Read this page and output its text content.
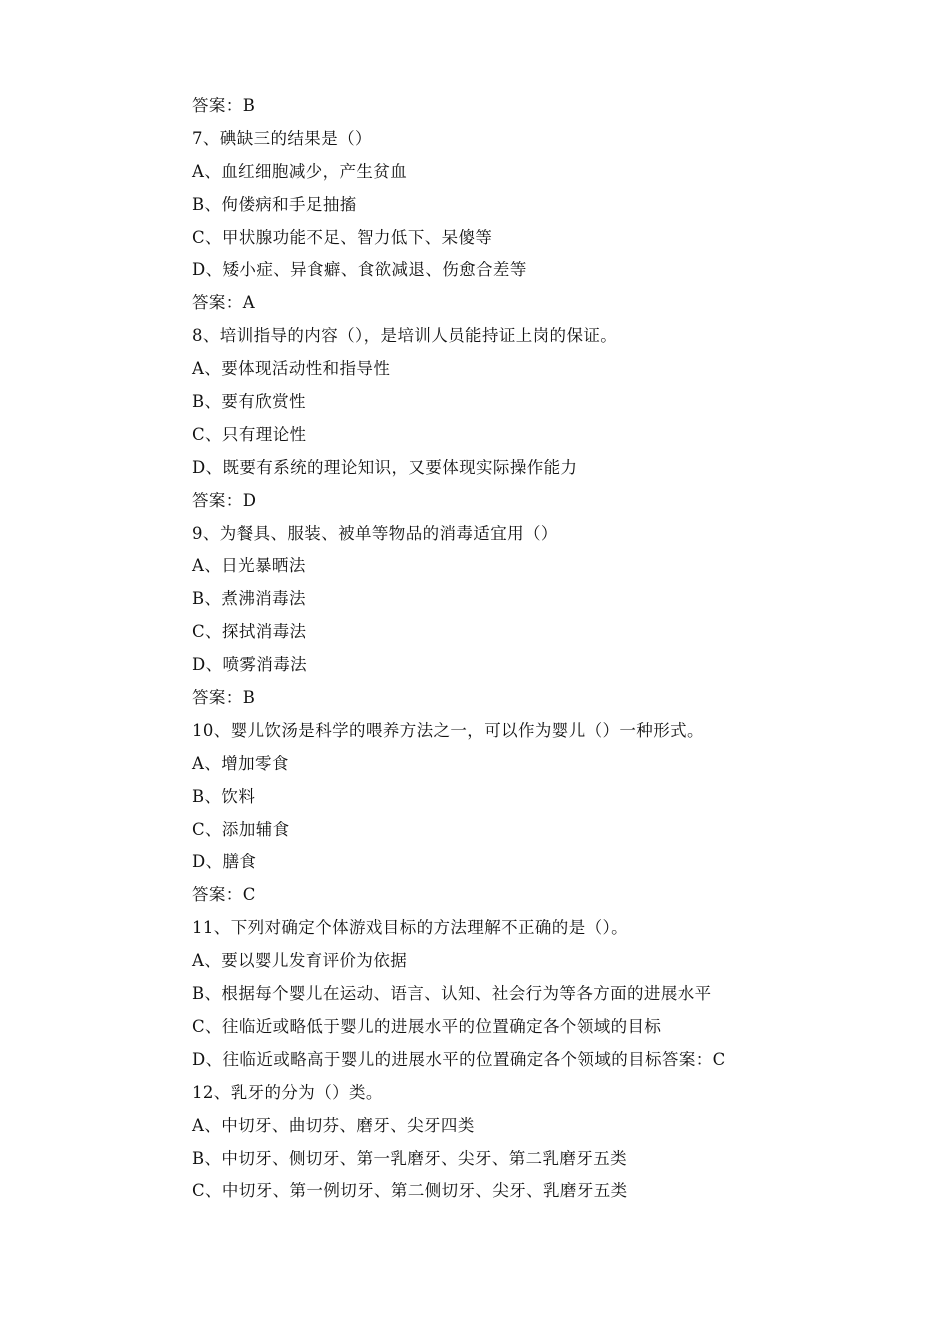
答案：B
7、碘缺三的结果是（）
A、血红细胞减少，产生贫血
B、佝偻病和手足抽搐
C、甲状腺功能不足、智力低下、呆傻等
D、矮小症、异食癖、食欲减退、伤愈合差等
答案：A
8、培训指导的内容（），是培训人员能持证上岗的保证。
A、要体现活动性和指导性
B、要有欣赏性
C、只有理论性
D、既要有系统的理论知识，又要体现实际操作能力
答案：D
9、为餐具、服装、被单等物品的消毒适宜用（）
A、日光暴晒法
B、煮沸消毒法
C、探拭消毒法
D、喷雾消毒法
答案：B
10、婴儿饮汤是科学的喂养方法之一，可以作为婴儿（）一种形式。
A、增加零食
B、饮料
C、添加辅食
D、膳食
答案：C
11、下列对确定个体游戏目标的方法理解不正确的是（）。
A、要以婴儿发育评价为依据
B、根据每个婴儿在运动、语言、认知、社会行为等各方面的进展水平
C、往临近或略低于婴儿的进展水平的位置确定各个领域的目标
D、往临近或略高于婴儿的进展水平的位置确定各个领域的目标答案：C
12、乳牙的分为（）类。
A、中切牙、曲切芬、磨牙、尖牙四类
B、中切牙、侧切牙、第一乳磨牙、尖牙、第二乳磨牙五类
C、中切牙、第一例切牙、第二侧切牙、尖牙、乳磨牙五类
